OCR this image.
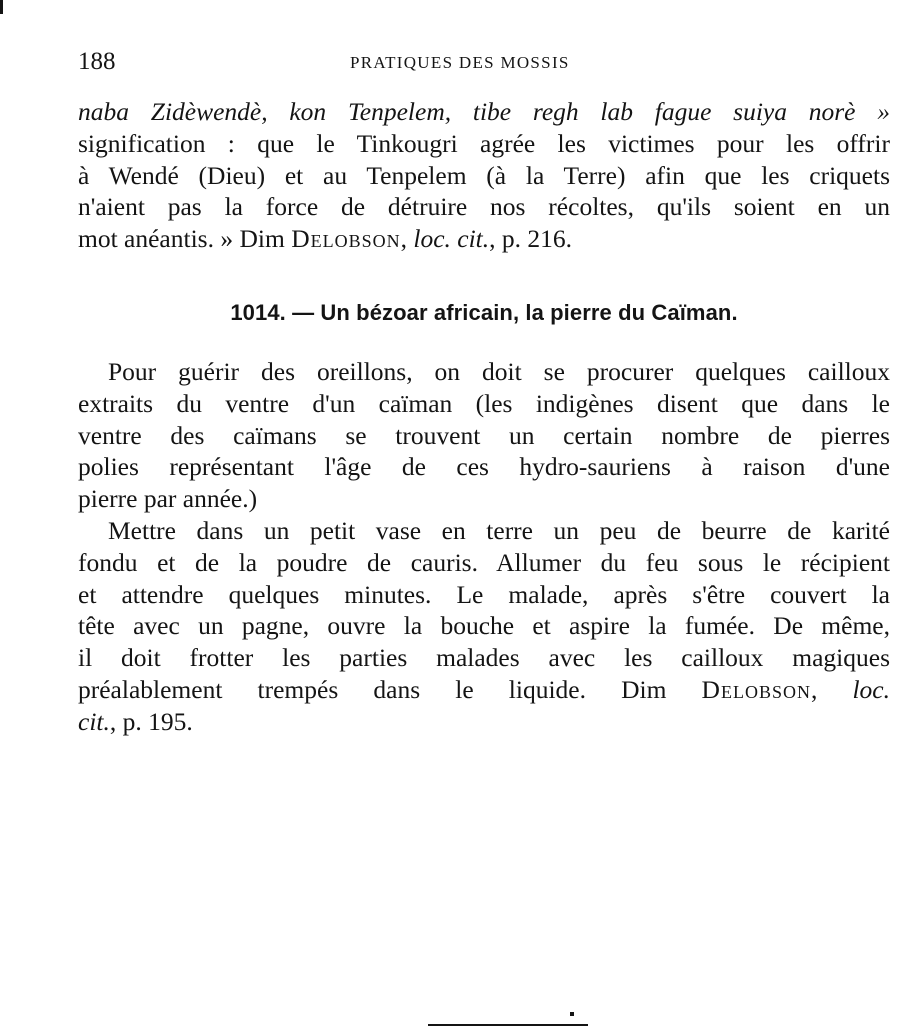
188	PRATIQUES DES MOSSIS
naba Zidèwendè, kon Tenpelem, tibe regh lab fague suiya norè »
signification : que le Tinkougri agrée les victimes pour les offrir
à Wendé (Dieu) et au Tenpelem (à la Terre) afin que les criquets
n'aient pas la force de détruire nos récoltes, qu'ils soient en un
mot anéantis. » Dim Delobson, loc. cit., p. 216.
1014. — Un bézoar africain, la pierre du Caïman.
Pour guérir des oreillons, on doit se procurer quelques cailloux
extraits du ventre d'un caïman (les indigènes disent que dans le
ventre des caïmans se trouvent un certain nombre de pierres
polies représentant l'âge de ces hydro-sauriens à raison d'une
pierre par année.)
Mettre dans un petit vase en terre un peu de beurre de karité
fondu et de la poudre de cauris. Allumer du feu sous le récipient
et attendre quelques minutes. Le malade, après s'être couvert la
tête avec un pagne, ouvre la bouche et aspire la fumée. De même,
il doit frotter les parties malades avec les cailloux magiques
préalablement trempés dans le liquide. Dim Delobson, loc.
cit., p. 195.
